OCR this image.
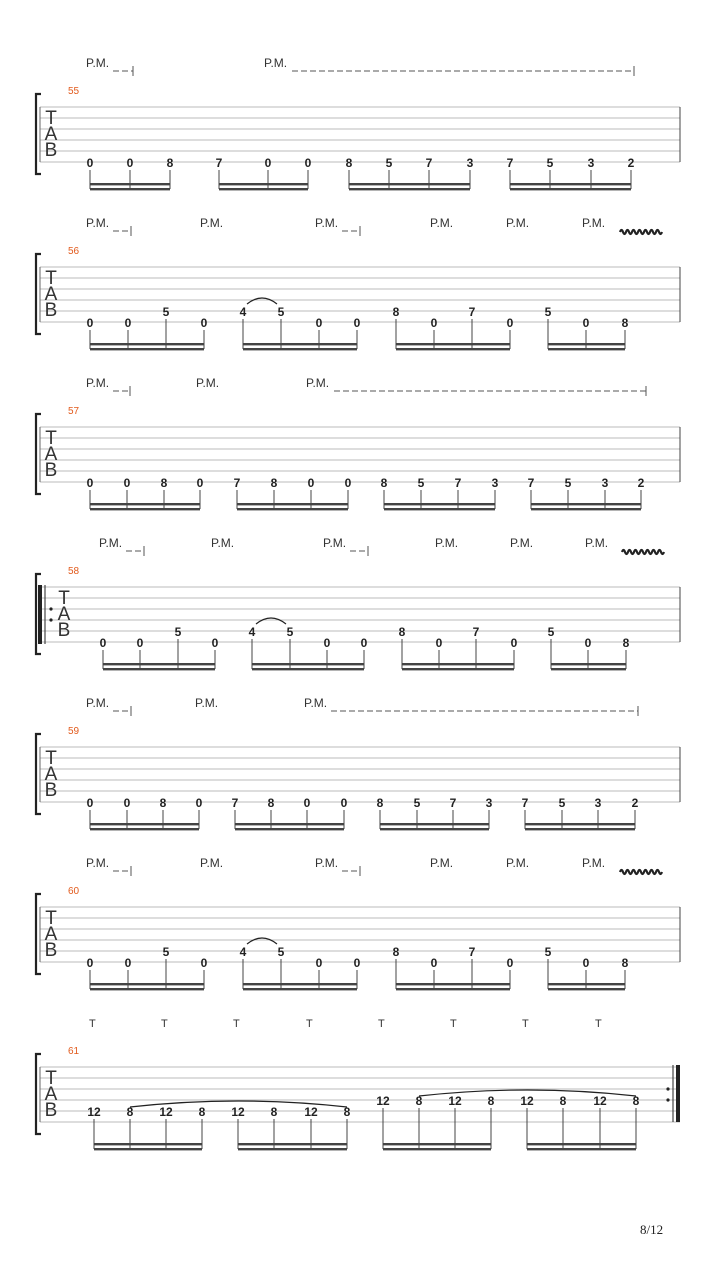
T
A
B
55
P.M.	P.M.
0	0	8	7	0	0	8	5	7	3	7	5	3	2
T
A
B
56
P.M.	P.M.	P.M.	P.M.	P.M.	P.M.
0	0
5
0
4	5
0	0
8
0
7
0
5
0	8
T
A
B
57
P.M.	P.M.	P.M.
0	0	8 0	7	8	0	0 8	5	7	3 7	5	3 2
T
A
B
58
P.M.	P.M.	P.M.	P.M.	P.M.	P.M.
0	0
5
0
4	5
0	0
8
0
7
0
5
0	8
T
A
B
59
P.M.	P.M.	P.M.
0	0 8 0 7 8 0	0 8	5 7 3 7	5 3	2
T
A
B
60
P.M.	P.M.	P.M.	P.M.	P.M.	P.M.
0	0
5
0
4	5
0	0
8
0
7
0
5
0	8
T
A
B
61
T	T	T	T	T	T	T	T
12 8 12 8 12 8 12 8
12 8 12 8 12 8 12 8
8/12
